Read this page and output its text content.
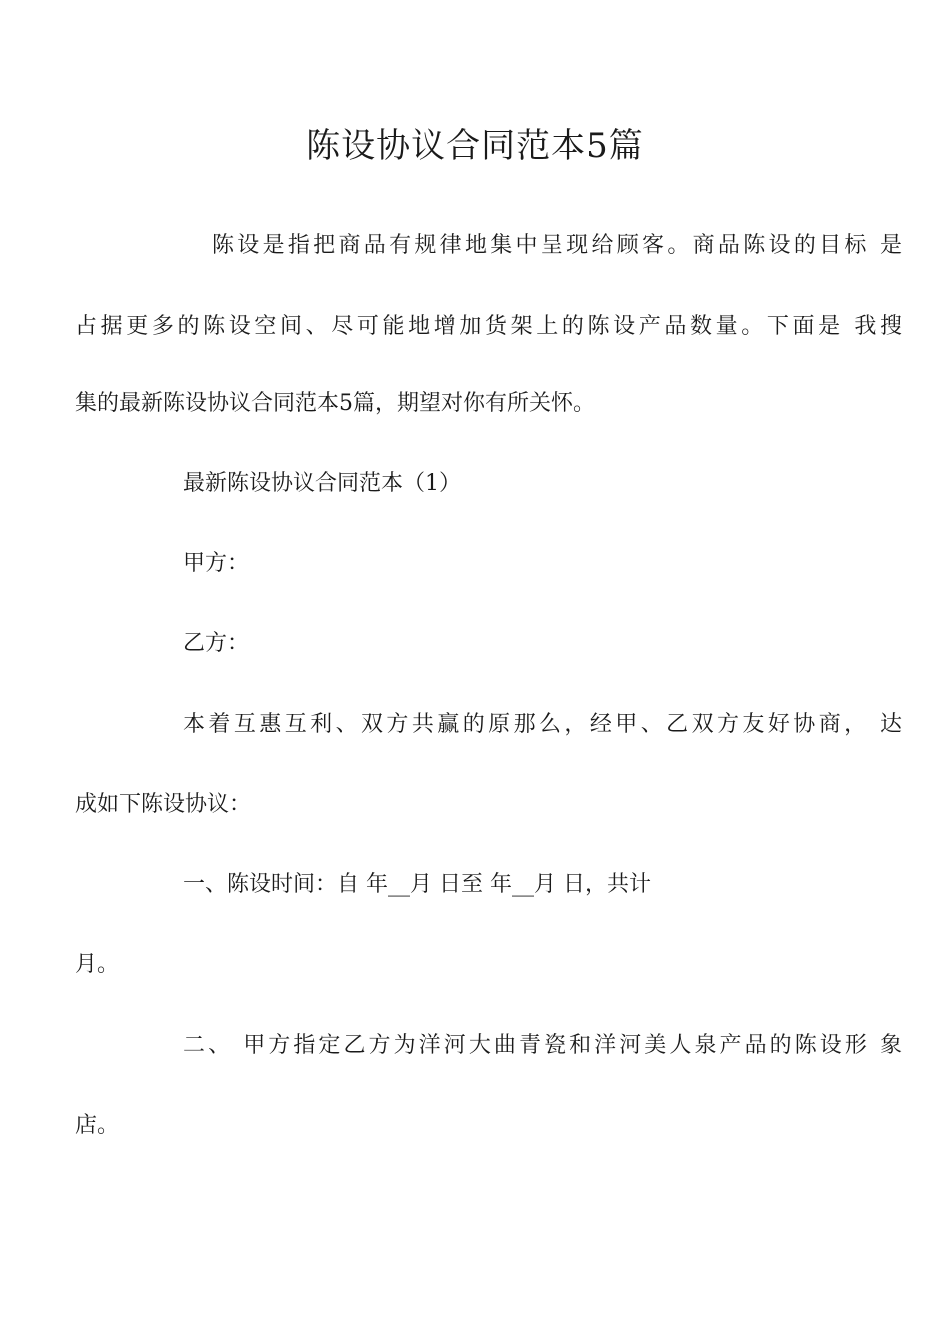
陈设协议合同范本5篇
陈设是指把商品有规律地集中呈现给顾客。商品陈设的目标 是
占据更多的陈设空间、尽可能地增加货架上的陈设产品数量。下面是 我搜
集的最新陈设协议合同范本5篇，期望对你有所关怀。
最新陈设协议合同范本（1）
甲方：
乙方：
本着互惠互利、双方共赢的原那么，经甲、乙双方友好协商， 达
成如下陈设协议：
一、陈设时间：自 年__月 日至 年__月 日，共计
月。
二、 甲方指定乙方为洋河大曲青瓷和洋河美人泉产品的陈设形 象
店。
